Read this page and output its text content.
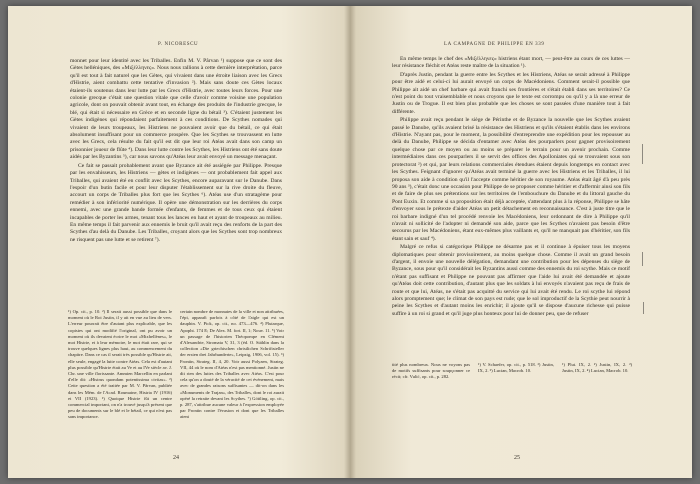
P. NICORESCU

monnet pour leur identité avec les Triballes. Enfin M. V. Pârvan ¹) suppose que ce sont des Gètes helléniques, des «Μιξέλληνες». Nous nous rallions à cette dernière interprétation, parce qu'il est tout à fait naturel que les Gètes, qui vivaient dans une étroite liaison avec les Grecs d'Histrie, aient combattu cette tentative d'invasion ²). Mais sans doute ces Gètes locaux étaient-ils soutenus dans leur lutte par les Grecs d'Histrie, avec toutes leurs forces. Pour une colonie grecque c'était une question vitale que celle d'avoir comme voisine une population agricole, dont on pouvait obtenir avant tout, en échange des produits de l'industrie grecque, le blé, qui était si nécessaire en Grèce et en seconde ligne du bétail ³). C'étaient justement les Gètes indigènes qui répondaient parfaitement à ces conditions. De Scythes nomades qui vivaient de leurs troupeaux, les Histriens ne pouvaient avoir que du bétail, ce qui était absolument insuffisant pour un commerce prospère. Que les Scythes se trouvassent en lutte avec les Grecs, cela résulte du fait qu'il est dit que leur roi Atéas avait dans son camp un prisonnier joueur de flûte ⁴). Dans leur lutte contre les Scythes, les Histriens ont été sans doute aidés par les Byzantins ⁵), car nous savons qu'Atéas leur avait envoyé un message menaçant.

Ce fait se passait probablement avant que Byzance ait été assiégée par Philippe. Presque par les envahisseurs, les Histriens — gètes et indigènes — ont probablement fait appel aux Triballes, qui avaient été en conflit avec les Scythes, encore auparavant sur le Danube. Dans l'espoir d'un butin facile et pour leur disputer l'établissement sur la rive droite du fleuve, accourt un corps de Triballes plus fort que les Scythes ⁶). Atéas use d'un stratagème pour remédier à son infériorité numérique. Il opère une démonstration sur les derrières du corps ennemi, avec une grande bande formée d'enfants, de femmes et de tous ceux qui étaient incapables de porter les armes, tenant tous les lances en haut et ayant de troupeaux au milieu. En même temps il fait parvenir aux ennemis le bruit qu'il avait reçu des renforts de la part des Scythes d'au delà du Danube. Les Triballes, croyant alors que les Scythes sont trop nombreux ne risquent pas une lutte et se retirent ⁷).

¹) Op. cit., p. 10. ²) Il serait aussi possible que dans le moment où le Roi Justin, il y ait en vue au lieu de vers. L'erreur pourrait être d'autant plus explicable, que les copistes qui ont modifié l'original, ont pu avoir un moment où ils devaient écrire le mot «Mixhellènes», le mot Histrie, et à leur mémoire, le mot était rare, qui se trouve quelques lignes plus haut, au commencement du chapitre. Dans ce cas il serait très possible qu'Histrie ait, elle seule, engagé la lutte contre Atéas. Cela est d'autant plus possible qu'Histrie était au Ve et au IVe siècle av. J. Chr. une ville florissante. Ammien Marcellin en parlant d'elle dit: «Histrus quondam potentissima civitas». ³) Cette question a été traitée par M. V. Pârvan, publiée dans les Mém. de l'Acad. Roumaine, Histria IV (1916) et VII (1923). ³) Quoique Histrie fût un centre commercial important, on n'a trouvé jusqu'à présent que peu de documents sur le blé et le bétail, ce qui n'est pas sans importance.
certain nombre de monnaies de la ville et non attribuées, l'épi, apparaît parfois à côté de l'aigle qui est un dauphin. V. Pick, op. cit., no. 473—476. ⁴) Plutarque, Apopht. 174 E; De Alex. M. fort. II, 1; Nouv. 11. ⁵) Voir un passage de l'historien Théopompe en Clément d'Alexandrie, Stromata V, 31, 3 (éd. O. Stählin dans la collection «Die griechischen christlichen Schriftsteller der ersten drei Jahrhunderte», Leipzig, 1906, vol. 15). ⁶) Frontin, Strateg. II, 4, 20. Voir aussi Polyaen, Strateg. VII, 44 où le nom d'Atéas n'est pas mentionné. Justin ne dit rien des luttes des Triballes avec Atéas. C'est pour cela qu'on a douté de la véracité de cet événement, mais avec de grandes raisons suffisantes — dit-on dans les «Monuments de Trajan», des Triballes, dont le roi aurait opéré la retraite devant les Scythes. ⁷) Göttling, op. cit., p. 287, s'attribue aucune valeur à l'expression employée par Frontin contre l'évasion et dont que les Triballes aient
24
LA CAMPAGNE DE PHILIPPE EN 339

En même temps le chef des «Μιξέλληνες» histriens étant mort, — peut-être au cours de ces luttes — leur résistance fléchit et Atéas reste maître de la situation ¹).

D'après Justin, pendant la guerre entre les Scythes et les Histriens, Atéas se serait adressé à Philippe pour être aidé et celui-ci lui aurait envoyé un corps de Macédoniens. Comment serait-il possible que Philippe ait aidé un chef barbare qui avait franchi ses frontières et s'était établi dans ses territoires? Ce n'est point du tout vraisemblable et nous croyons que le texte est corrompu ou qu'il y a là une erreur de Justin ou de Trogue. Il est bien plus probable que les choses se sont passées d'une manière tout à fait différente.

Philippe avait reçu pendant le siège de Périnthe et de Byzance la nouvelle que les Scythes avaient passé le Danube, qu'ils avaient brisé la résistance des Histriens et qu'ils s'étaient établis dans les environs d'Histrie. N'ayant pas, pour le moment, la possibilité d'entreprendre une expédition pour les repousser au delà du Danube, Philippe se décida d'entamer avec Atéas des pourparlers pour gagner provisoirement quelque chose par ce moyen ou au moins se préparer le terrain pour un avenir prochain. Comme intermédiaires dans ces pourparlers il se servit des offices des Apolloniates qui se trouvaient sous son protectorat ²) et qui, par leurs relations commerciales étendues étaient depuis longtemps en contact avec les Scythes. Feignant d'ignorer qu'Atéas avait terminé la guerre avec les Histriens et les Triballes, il lui proposa son aide à condition qu'il l'accepte comme héritier de son royaume. Atéas était âgé d'à peu près 90 ans ³), c'était donc une occasion pour Philippe de se proposer comme héritier et d'affermir ainsi son fils et de faire de plus ses prétentions sur les territoires de l'embouchure du Danube et du littoral gauche du Pont Euxin. Et comme si sa proposition était déjà acceptée, s'attendant plus à la réponse, Philippe se hâte d'envoyer sous le prétexte d'aider Atéas un petit détachement en reconnaissance. C'est à juste titre que le roi barbare indigné d'un tel procédé renvoie les Macédoniens, leur ordonnant de dire à Philippe qu'il n'avait ni sollicité de l'adopter ni demandé son aide, parce que les Scythes n'avaient pas besoin d'être secourus par les Macédoniens, étant eux-mêmes plus vaillants et, qu'il ne manquait pas d'héritier, son fils étant sain et sauf ⁴).

Malgré ce refus si catégorique Philippe ne désarme pas et il continue à épuiser tous les moyens diplomatiques pour obtenir provisoirement, au moins quelque chose. Comme il avait un grand besoin d'argent, il envoie une nouvelle délégation, demandant une contribution pour les dépenses du siège de Byzance, sous pour qu'il considérait les Byzantins aussi comme des ennemis du roi scythe. Mais ce motif n'étant pas suffisant et Philippe ne pouvant pas affirmer que l'aide lui avait été demandée et ajoute qu'Atéas doit cette contribution, d'autant plus que les soldats à lui envoyés n'avaient pas reçu de frais de route et que lui, Atéas, ne s'était pas acquitté du service qui lui avait été rendu. Le roi scythe lui répond alors promptement que; le climat de son pays est rude; que le sol improductif de la Scythie peut nourrir à peine les Scythes et d'autant moins les enrichir; il ajoute qu'il se dispose d'aucune richesse qui puisse suffire à un roi si grand et qu'il juge plus honteux pour lui de donner peu, que de refuser

tité plus nombreux. Nous ne voyons pas de motifs suffisants pour soupçonner ce récit; cfr. Vulić, op. cit., p. 282.
¹) V. Schaefer, op. cit., p. 518. ²) Justin, IX, 2. ³) Lucian, Macrob. 10.
¹) Plut. IX, 2. ²) Justin, IX, 2. ³) Justin, IX, 2. ⁴) Lucian, Macrob. 10.
25
